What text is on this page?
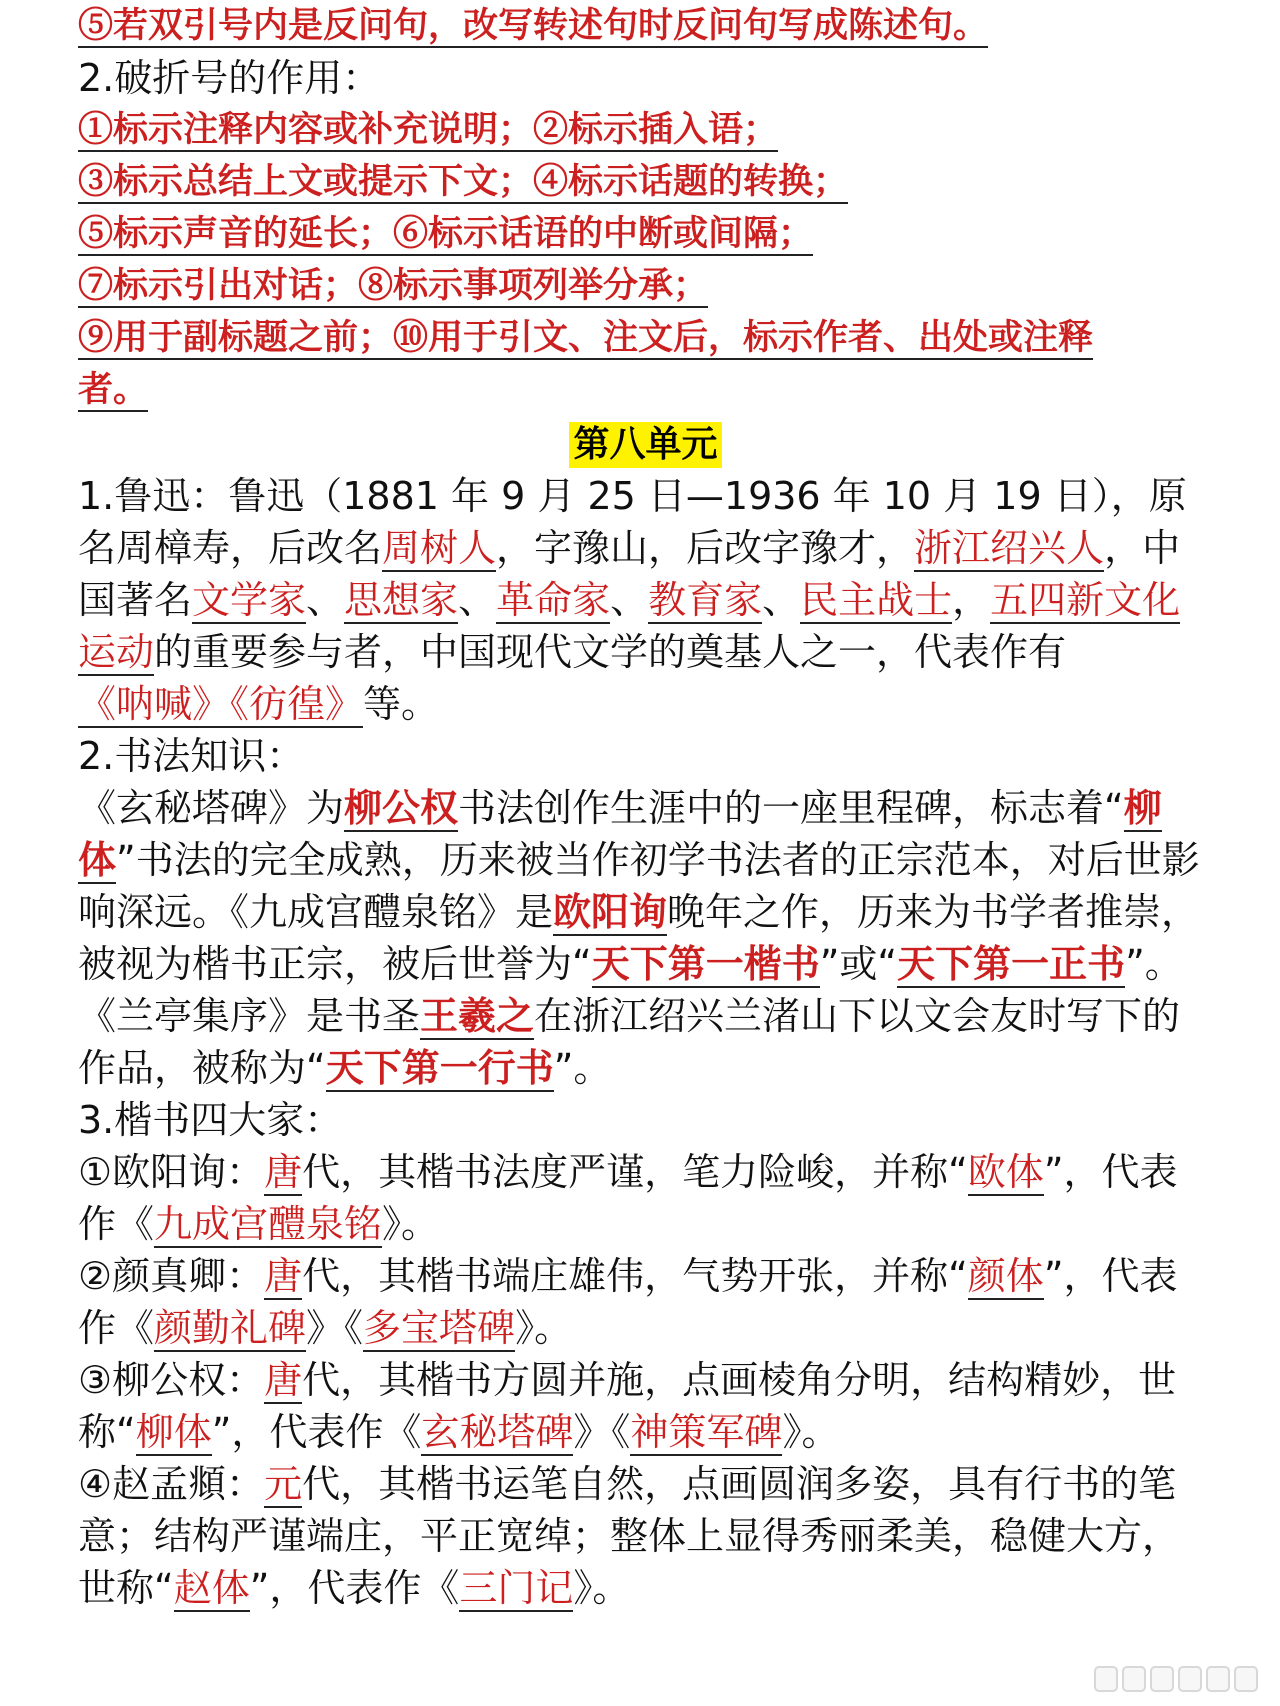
⑤若双引号内是反问句，改写转述句时反问句写成陈述句。

2.破折号的作用：

①标示注释内容或补充说明；②标示插入语；

③标示总结上文或提示下文；④标示话题的转换；

⑤标示声音的延长；⑥标示话语的中断或间隔；

⑦标示引出对话；⑧标示事项列举分承；

⑨用于副标题之前；⑩用于引文、注文后，标示作者、出处或注释

者。

第八单元

1.鲁迅：鲁迅（1881 年 9 月 25 日—1936 年 10 月 19 日），原名周樟寿，后改名周树人，字豫山，后改字豫才，浙江绍兴人，中国著名文学家、思想家、革命家、教育家、民主战士，五四新文化运动的重要参与者，中国现代文学的奠基人之一，代表作有《呐喊》《彷徨》等。

2.书法知识：

《玄秘塔碑》为柳公权书法创作生涯中的一座里程碑，标志着“柳体”书法的完全成熟，历来被当作初学书法者的正宗范本，对后世影响深远。《九成宫醴泉铭》是欧阳询晚年之作，历来为书学者推崇，被视为楷书正宗，被后世誉为“天下第一楷书”或“天下第一正书”。《兰亭集序》是书圣王羲之在浙江绍兴兰渚山下以文会友时写下的作品，被称为“天下第一行书”。

3.楷书四大家：

①欧阳询：唐代，其楷书法度严谨，笔力险峻，并称“欧体”，代表作《九成宫醴泉铭》。

②颜真卿：唐代，其楷书端庄雄伟，气势开张，并称“颜体”，代表作《颜勤礼碑》《多宝塔碑》。

③柳公权：唐代，其楷书方圆并施，点画棱角分明，结构精妙，世称“柳体”，代表作《玄秘塔碑》《神策军碑》。

④赵孟頫：元代，其楷书运笔自然，点画圆润多姿，具有行书的笔意；结构严谨端庄，平正宽绰；整体上显得秀丽柔美，稳健大方，世称“赵体”，代表作《三门记》。
